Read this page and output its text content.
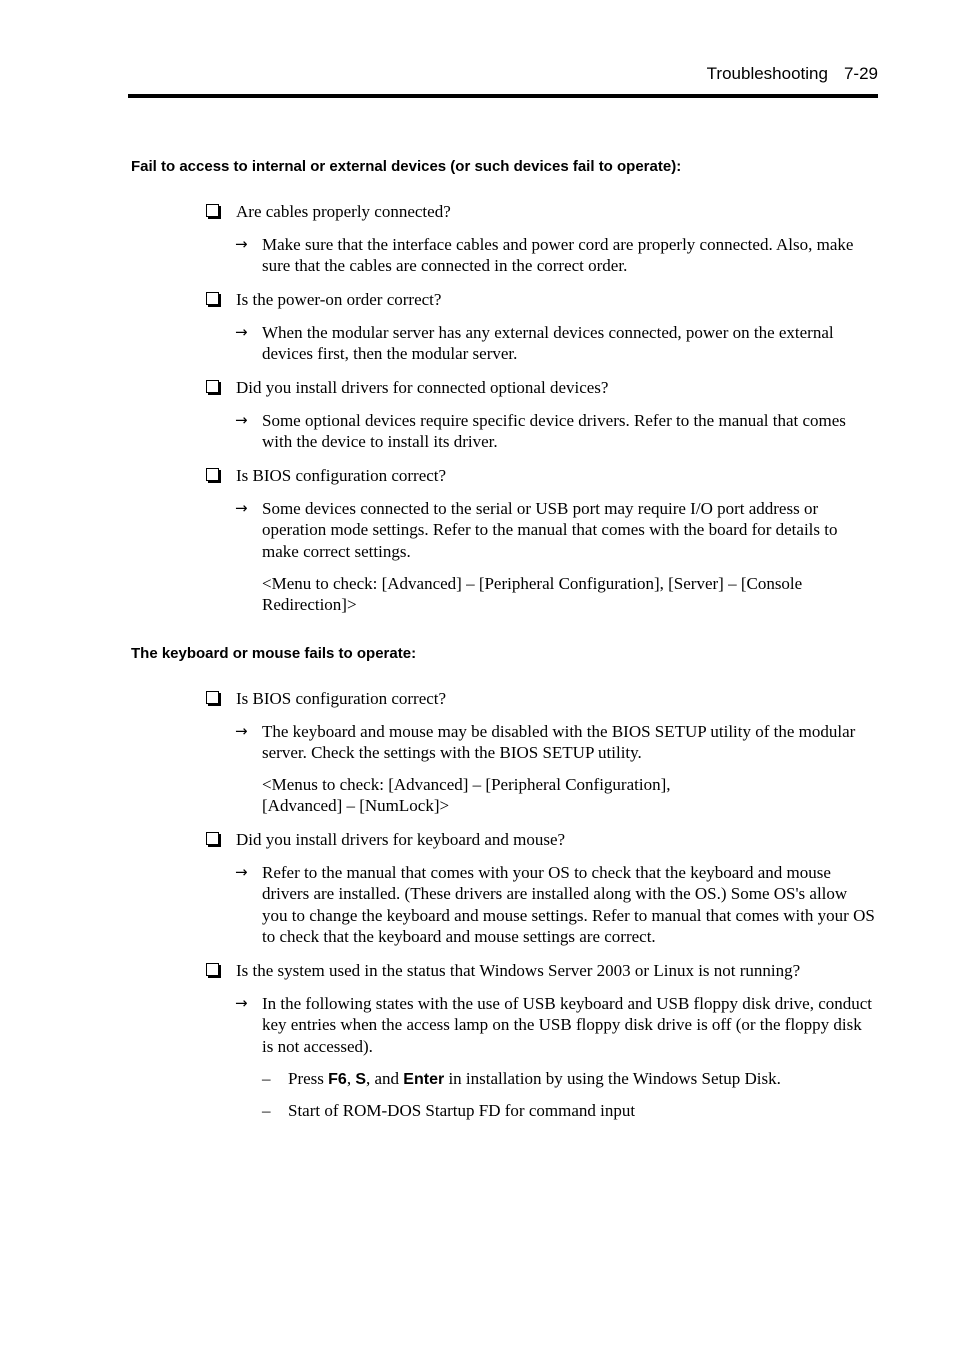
Troubleshooting 7-29
Fail to access to internal or external devices (or such devices fail to operate):
Are cables properly connected?
→ Make sure that the interface cables and power cord are properly connected. Also, make sure that the cables are connected in the correct order.
Is the power-on order correct?
→ When the modular server has any external devices connected, power on the external devices first, then the modular server.
Did you install drivers for connected optional devices?
→ Some optional devices require specific device drivers. Refer to the manual that comes with the device to install its driver.
Is BIOS configuration correct?
→ Some devices connected to the serial or USB port may require I/O port address or operation mode settings. Refer to the manual that comes with the board for details to make correct settings.
<Menu to check: [Advanced] – [Peripheral Configuration], [Server] – [Console Redirection]>
The keyboard or mouse fails to operate:
Is BIOS configuration correct?
→ The keyboard and mouse may be disabled with the BIOS SETUP utility of the modular server. Check the settings with the BIOS SETUP utility.
<Menus to check: [Advanced] – [Peripheral Configuration],
[Advanced] – [NumLock]>
Did you install drivers for keyboard and mouse?
→ Refer to the manual that comes with your OS to check that the keyboard and mouse drivers are installed. (These drivers are installed along with the OS.) Some OS's allow you to change the keyboard and mouse settings. Refer to manual that comes with your OS to check that the keyboard and mouse settings are correct.
Is the system used in the status that Windows Server 2003 or Linux is not running?
→ In the following states with the use of USB keyboard and USB floppy disk drive, conduct key entries when the access lamp on the USB floppy disk drive is off (or the floppy disk is not accessed).
– Press F6, S, and Enter in installation by using the Windows Setup Disk.
– Start of ROM-DOS Startup FD for command input
